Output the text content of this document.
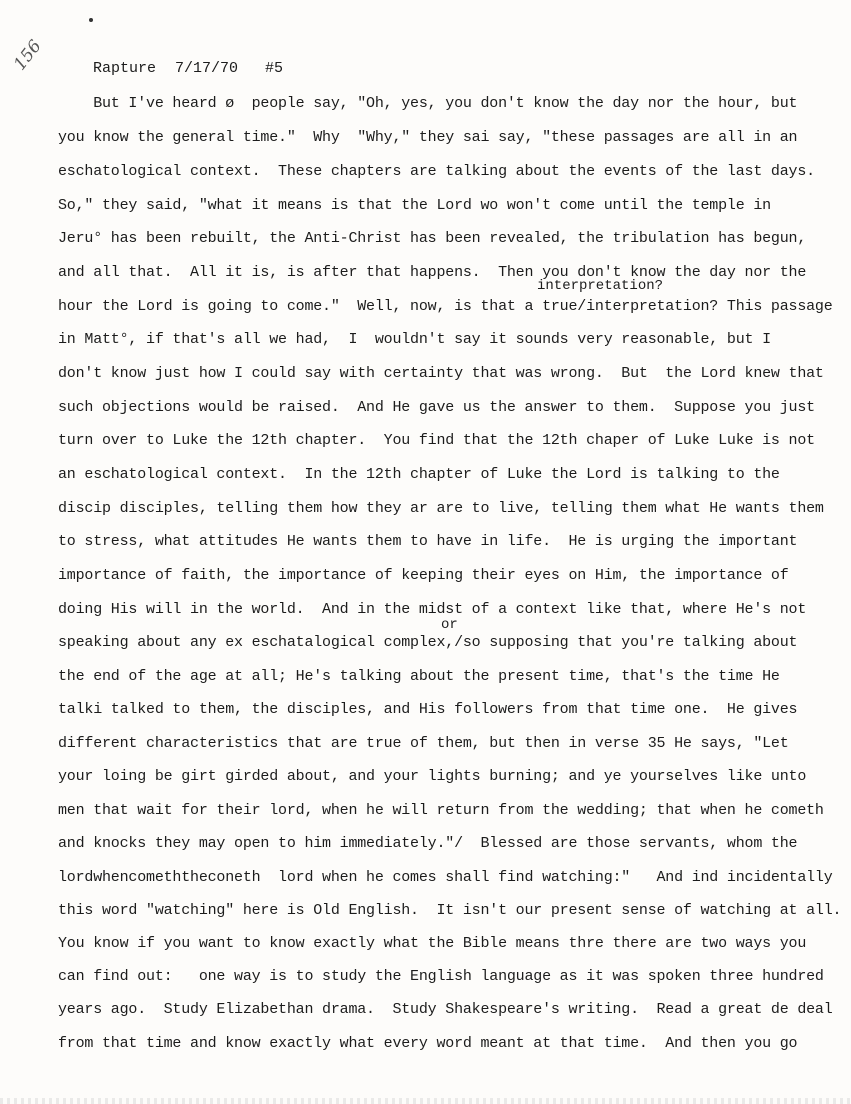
Rapture 7/17/70 #5

156
interpretation?
or
But I've heard ø  people say, "Oh, yes, you don't know the day nor the hour, but
you know the general time."  Why  "Why," they sai say, "these passages are all in an
eschatological context.  These chapters are talking about the events of the last days.
So," they said, "what it means is that the Lord wo won't come until the temple in
Jeru° has been rebuilt, the Anti-Christ has been revealed, the tribulation has begun,
and all that.  All it is, is after that happens.  Then you don't know the day nor the
hour the Lord is going to come."  Well, now, is that a true/interpretation? This passage
in Matt°, if that's all we had,  I  wouldn't say it sounds very reasonable, but I
don't know just how I could say with certainty that was wrong.  But  the Lord knew that
such objections would be raised.  And He gave us the answer to them.  Suppose you just
turn over to Luke the 12th chapter.  You find that the 12th chaper of Luke Luke is not
an eschatological context.  In the 12th chapter of Luke the Lord is talking to the
discip disciples, telling them how they ar are to live, telling them what He wants them
to stress, what attitudes He wants them to have in life.  He is urging the important
importance of faith, the importance of keeping their eyes on Him, the importance of
doing His will in the world.  And in the midst of a context like that, where He's not
speaking about any ex eschatalogical complex,/so supposing that you're talking about
the end of the age at all; He's talking about the present time, that's the time He
talki talked to them, the disciples, and His followers from that time one.  He gives
different characteristics that are true of them, but then in verse 35 He says, "Let
your loing be girt girded about, and your lights burning; and ye yourselves like unto
men that wait for their lord, when he will return from the wedding; that when he cometh
and knocks they may open to him immediately."/  Blessed are those servants, whom the
lordwhencomeththeconeth  lord when he comes shall find watching:"   And ind incidentally
this word "watching" here is Old English.  It isn't our present sense of watching at all.
You know if you want to know exactly what the Bible means thre there are two ways you
can find out:   one way is to study the English language as it was spoken three hundred
years ago.  Study Elizabethan drama.  Study Shakespeare's writing.  Read a great de deal
from that time and know exactly what every word meant at that time.  And then you go
